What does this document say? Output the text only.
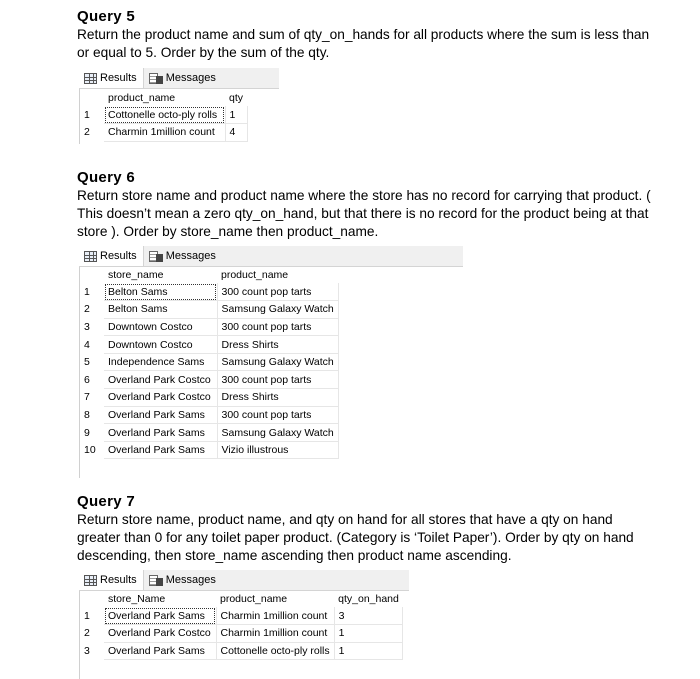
Query 5

Return the product name and sum of qty_on_hands for all products where the sum is less than or equal to 5. Order by the sum of the qty.

Results	Messages
	product_name	qty
1	Cottonelle octo-ply rolls	1
2	Charmin 1million count	4

Query 6

Return store name and product name where the store has no record for carrying that product. ( This doesn’t mean a zero qty_on_hand, but that there is no record for the product being at that store ). Order by store_name then product_name.

Results	Messages
	store_name	product_name
1	Belton Sams	300 count pop tarts
2	Belton Sams	Samsung Galaxy Watch
3	Downtown Costco	300 count pop tarts
4	Downtown Costco	Dress Shirts
5	Independence Sams	Samsung Galaxy Watch
6	Overland Park Costco	300 count pop tarts
7	Overland Park Costco	Dress Shirts
8	Overland Park Sams	300 count pop tarts
9	Overland Park Sams	Samsung Galaxy Watch
10	Overland Park Sams	Vizio illustrous

Query 7

Return store name, product name, and qty on hand for all stores that have a qty on hand greater than 0 for any toilet paper product. (Category is ‘Toilet Paper’). Order by qty on hand descending, then store_name ascending then product name ascending.

Results	Messages
	store_Name	product_name	qty_on_hand
1	Overland Park Sams	Charmin 1million count	3
2	Overland Park Costco	Charmin 1million count	1
3	Overland Park Sams	Cottonelle octo-ply rolls	1
